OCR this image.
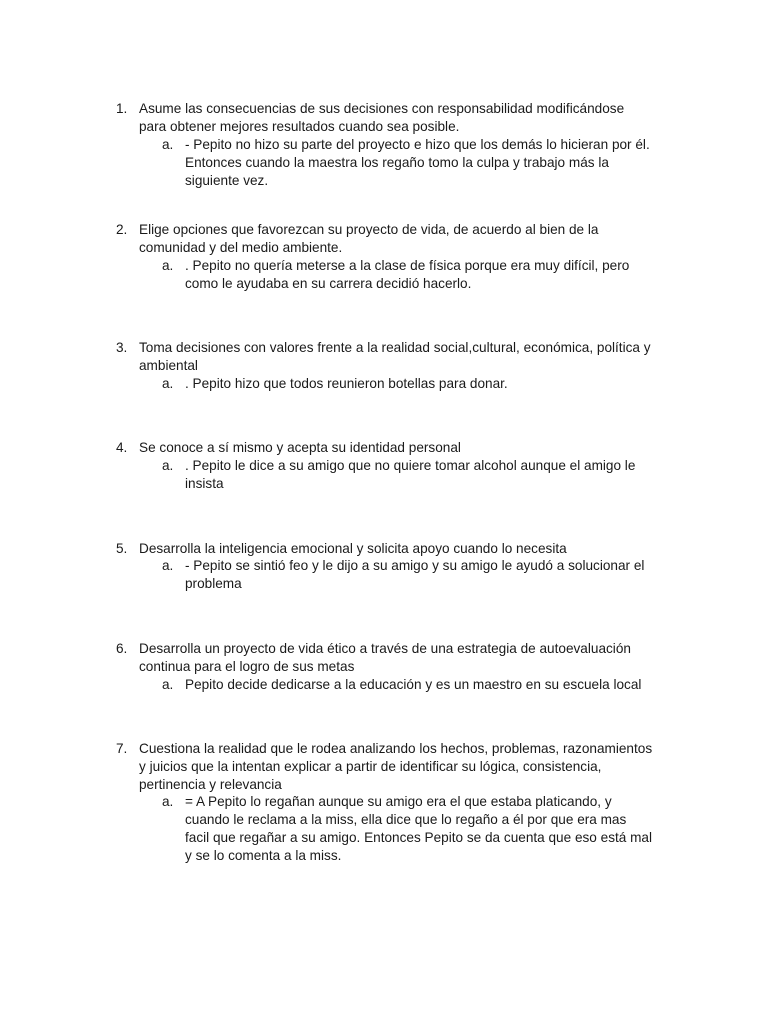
1. Asume las consecuencias de sus decisiones con responsabilidad modificándose
para obtener mejores resultados cuando sea posible.
a. - Pepito no hizo su parte del proyecto e hizo que los demás lo hicieran por él.
Entonces cuando la maestra los regaño tomo la culpa y trabajo más la
siguiente vez.
2. Elige opciones que favorezcan su proyecto de vida, de acuerdo al bien de la
comunidad y del medio ambiente.
a. . Pepito no quería meterse a la clase de física porque era muy difícil, pero
como le ayudaba en su carrera decidió hacerlo.
3. Toma decisiones con valores frente a la realidad social,cultural, económica, política y
ambiental
a. . Pepito hizo que todos reunieron botellas para donar.
4. Se conoce a sí mismo y acepta su identidad personal
a. . Pepito le dice a su amigo que no quiere tomar alcohol aunque el amigo le
insista
5. Desarrolla la inteligencia emocional y solicita apoyo cuando lo necesita
a. - Pepito se sintió feo y le dijo a su amigo y su amigo le ayudó a solucionar el
problema
6. Desarrolla un proyecto de vida ético a través de una estrategia de autoevaluación
continua para el logro de sus metas
a. Pepito decide dedicarse a la educación y es un maestro en su escuela local
7. Cuestiona la realidad que le rodea analizando los hechos, problemas, razonamientos
y juicios que la intentan explicar a partir de identificar su lógica, consistencia,
pertinencia y relevancia
a. = A Pepito lo regañan aunque su amigo era el que estaba platicando, y
cuando le reclama a la miss, ella dice que lo regaño a él por que era mas
facil que regañar a su amigo. Entonces Pepito se da cuenta que eso está mal
y se lo comenta a la miss.
